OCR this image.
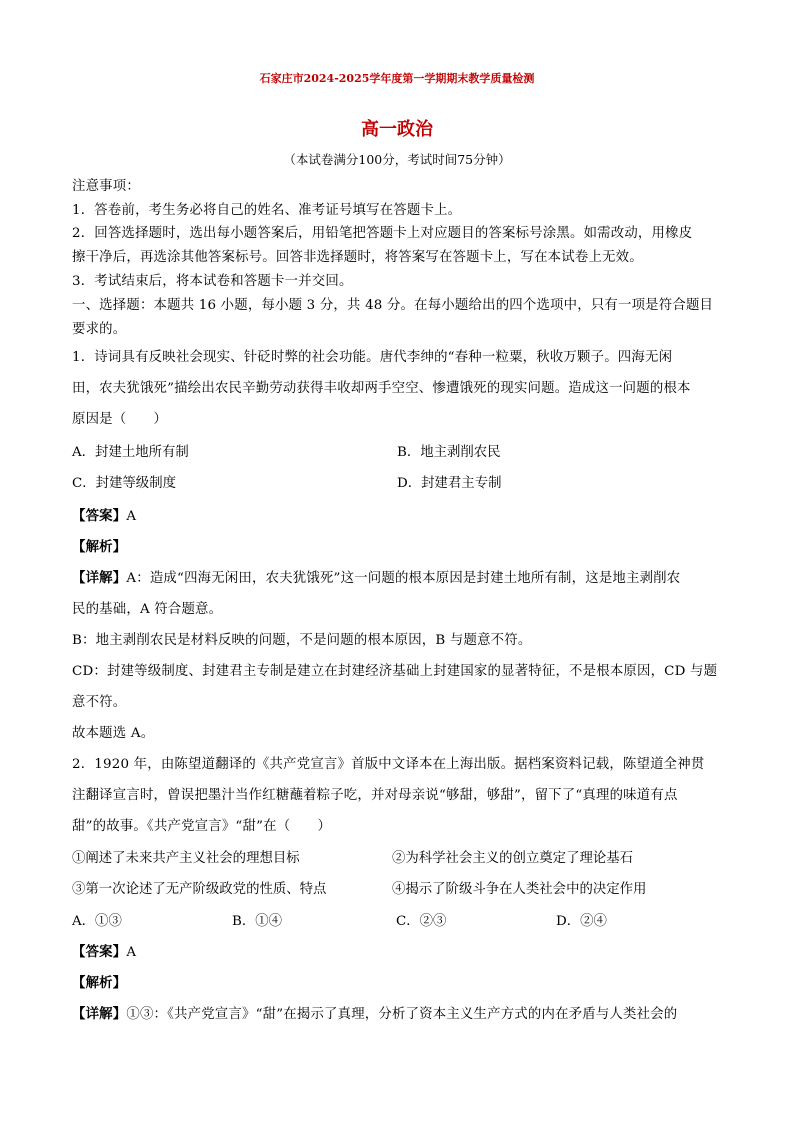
石家庄市2024-2025学年度第一学期期末教学质量检测
高一政治
（本试卷满分100分，考试时间75分钟）
注意事项：
1．答卷前，考生务必将自己的姓名、准考证号填写在答题卡上。
2．回答选择题时，选出每小题答案后，用铅笔把答题卡上对应题目的答案标号涂黑。如需改动，用橡皮
擦干净后，再选涂其他答案标号。回答非选择题时，将答案写在答题卡上，写在本试卷上无效。
3．考试结束后，将本试卷和答题卡一并交回。
一、选择题：本题共 16 小题，每小题 3 分，共 48 分。在每小题给出的四个选项中，只有一项是符合题目
要求的。
1．诗词具有反映社会现实、针砭时弊的社会功能。唐代李绅的“春种一粒粟，秋收万颗子。四海无闲
田，农夫犹饿死”描绘出农民辛勤劳动获得丰收却两手空空、惨遭饿死的现实问题。造成这一问题的根本
原因是（　　）
A．封建土地所有制	B．地主剥削农民
C．封建等级制度	D．封建君主专制
【答案】A
【解析】
【详解】A：造成“四海无闲田，农夫犹饿死”这一问题的根本原因是封建土地所有制，这是地主剥削农
民的基础，A 符合题意。
B：地主剥削农民是材料反映的问题，不是问题的根本原因，B 与题意不符。
CD：封建等级制度、封建君主专制是建立在封建经济基础上封建国家的显著特征，不是根本原因，CD 与题
意不符。
故本题选 A。
2．1920 年，由陈望道翻译的《共产党宣言》首版中文译本在上海出版。据档案资料记载，陈望道全神贯
注翻译宣言时，曾误把墨汁当作红糖蘸着粽子吃，并对母亲说“够甜，够甜”，留下了“真理的味道有点
甜”的故事。《共产党宣言》“甜”在（　　）
①阐述了未来共产主义社会的理想目标	②为科学社会主义的创立奠定了理论基石
③第一次论述了无产阶级政党的性质、特点	④揭示了阶级斗争在人类社会中的决定作用
A．①③	B．①④	C．②③	D．②④
【答案】A
【解析】
【详解】①③：《共产党宣言》“甜”在揭示了真理，分析了资本主义生产方式的内在矛盾与人类社会的
